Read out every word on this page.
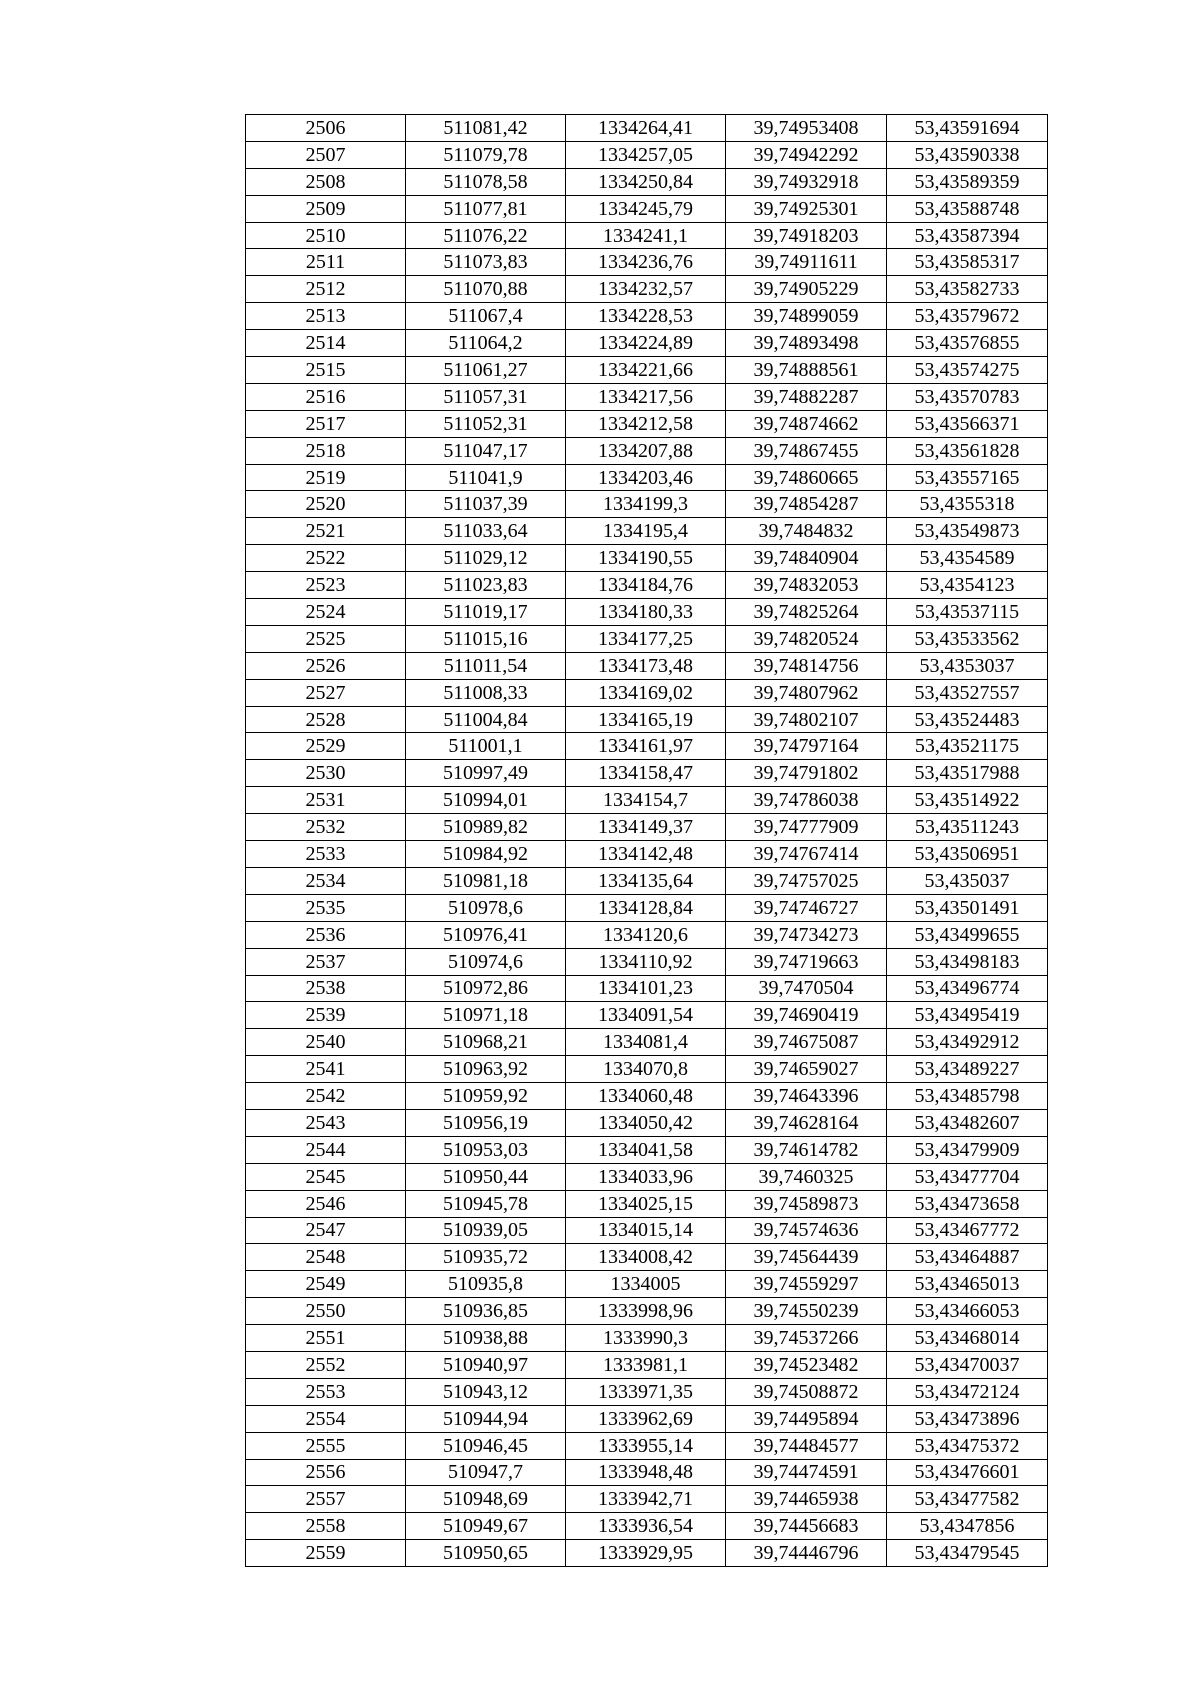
2506	511081,42	1334264,41	39,74953408	53,43591694
2507	511079,78	1334257,05	39,74942292	53,43590338
2508	511078,58	1334250,84	39,74932918	53,43589359
2509	511077,81	1334245,79	39,74925301	53,43588748
2510	511076,22	1334241,1	39,74918203	53,43587394
2511	511073,83	1334236,76	39,74911611	53,43585317
2512	511070,88	1334232,57	39,74905229	53,43582733
2513	511067,4	1334228,53	39,74899059	53,43579672
2514	511064,2	1334224,89	39,74893498	53,43576855
2515	511061,27	1334221,66	39,74888561	53,43574275
2516	511057,31	1334217,56	39,74882287	53,43570783
2517	511052,31	1334212,58	39,74874662	53,43566371
2518	511047,17	1334207,88	39,74867455	53,43561828
2519	511041,9	1334203,46	39,74860665	53,43557165
2520	511037,39	1334199,3	39,74854287	53,4355318
2521	511033,64	1334195,4	39,7484832	53,43549873
2522	511029,12	1334190,55	39,74840904	53,4354589
2523	511023,83	1334184,76	39,74832053	53,4354123
2524	511019,17	1334180,33	39,74825264	53,43537115
2525	511015,16	1334177,25	39,74820524	53,43533562
2526	511011,54	1334173,48	39,74814756	53,4353037
2527	511008,33	1334169,02	39,74807962	53,43527557
2528	511004,84	1334165,19	39,74802107	53,43524483
2529	511001,1	1334161,97	39,74797164	53,43521175
2530	510997,49	1334158,47	39,74791802	53,43517988
2531	510994,01	1334154,7	39,74786038	53,43514922
2532	510989,82	1334149,37	39,74777909	53,43511243
2533	510984,92	1334142,48	39,74767414	53,43506951
2534	510981,18	1334135,64	39,74757025	53,435037
2535	510978,6	1334128,84	39,74746727	53,43501491
2536	510976,41	1334120,6	39,74734273	53,43499655
2537	510974,6	1334110,92	39,74719663	53,43498183
2538	510972,86	1334101,23	39,7470504	53,43496774
2539	510971,18	1334091,54	39,74690419	53,43495419
2540	510968,21	1334081,4	39,74675087	53,43492912
2541	510963,92	1334070,8	39,74659027	53,43489227
2542	510959,92	1334060,48	39,74643396	53,43485798
2543	510956,19	1334050,42	39,74628164	53,43482607
2544	510953,03	1334041,58	39,74614782	53,43479909
2545	510950,44	1334033,96	39,7460325	53,43477704
2546	510945,78	1334025,15	39,74589873	53,43473658
2547	510939,05	1334015,14	39,74574636	53,43467772
2548	510935,72	1334008,42	39,74564439	53,43464887
2549	510935,8	1334005	39,74559297	53,43465013
2550	510936,85	1333998,96	39,74550239	53,43466053
2551	510938,88	1333990,3	39,74537266	53,43468014
2552	510940,97	1333981,1	39,74523482	53,43470037
2553	510943,12	1333971,35	39,74508872	53,43472124
2554	510944,94	1333962,69	39,74495894	53,43473896
2555	510946,45	1333955,14	39,74484577	53,43475372
2556	510947,7	1333948,48	39,74474591	53,43476601
2557	510948,69	1333942,71	39,74465938	53,43477582
2558	510949,67	1333936,54	39,74456683	53,4347856
2559	510950,65	1333929,95	39,74446796	53,43479545
